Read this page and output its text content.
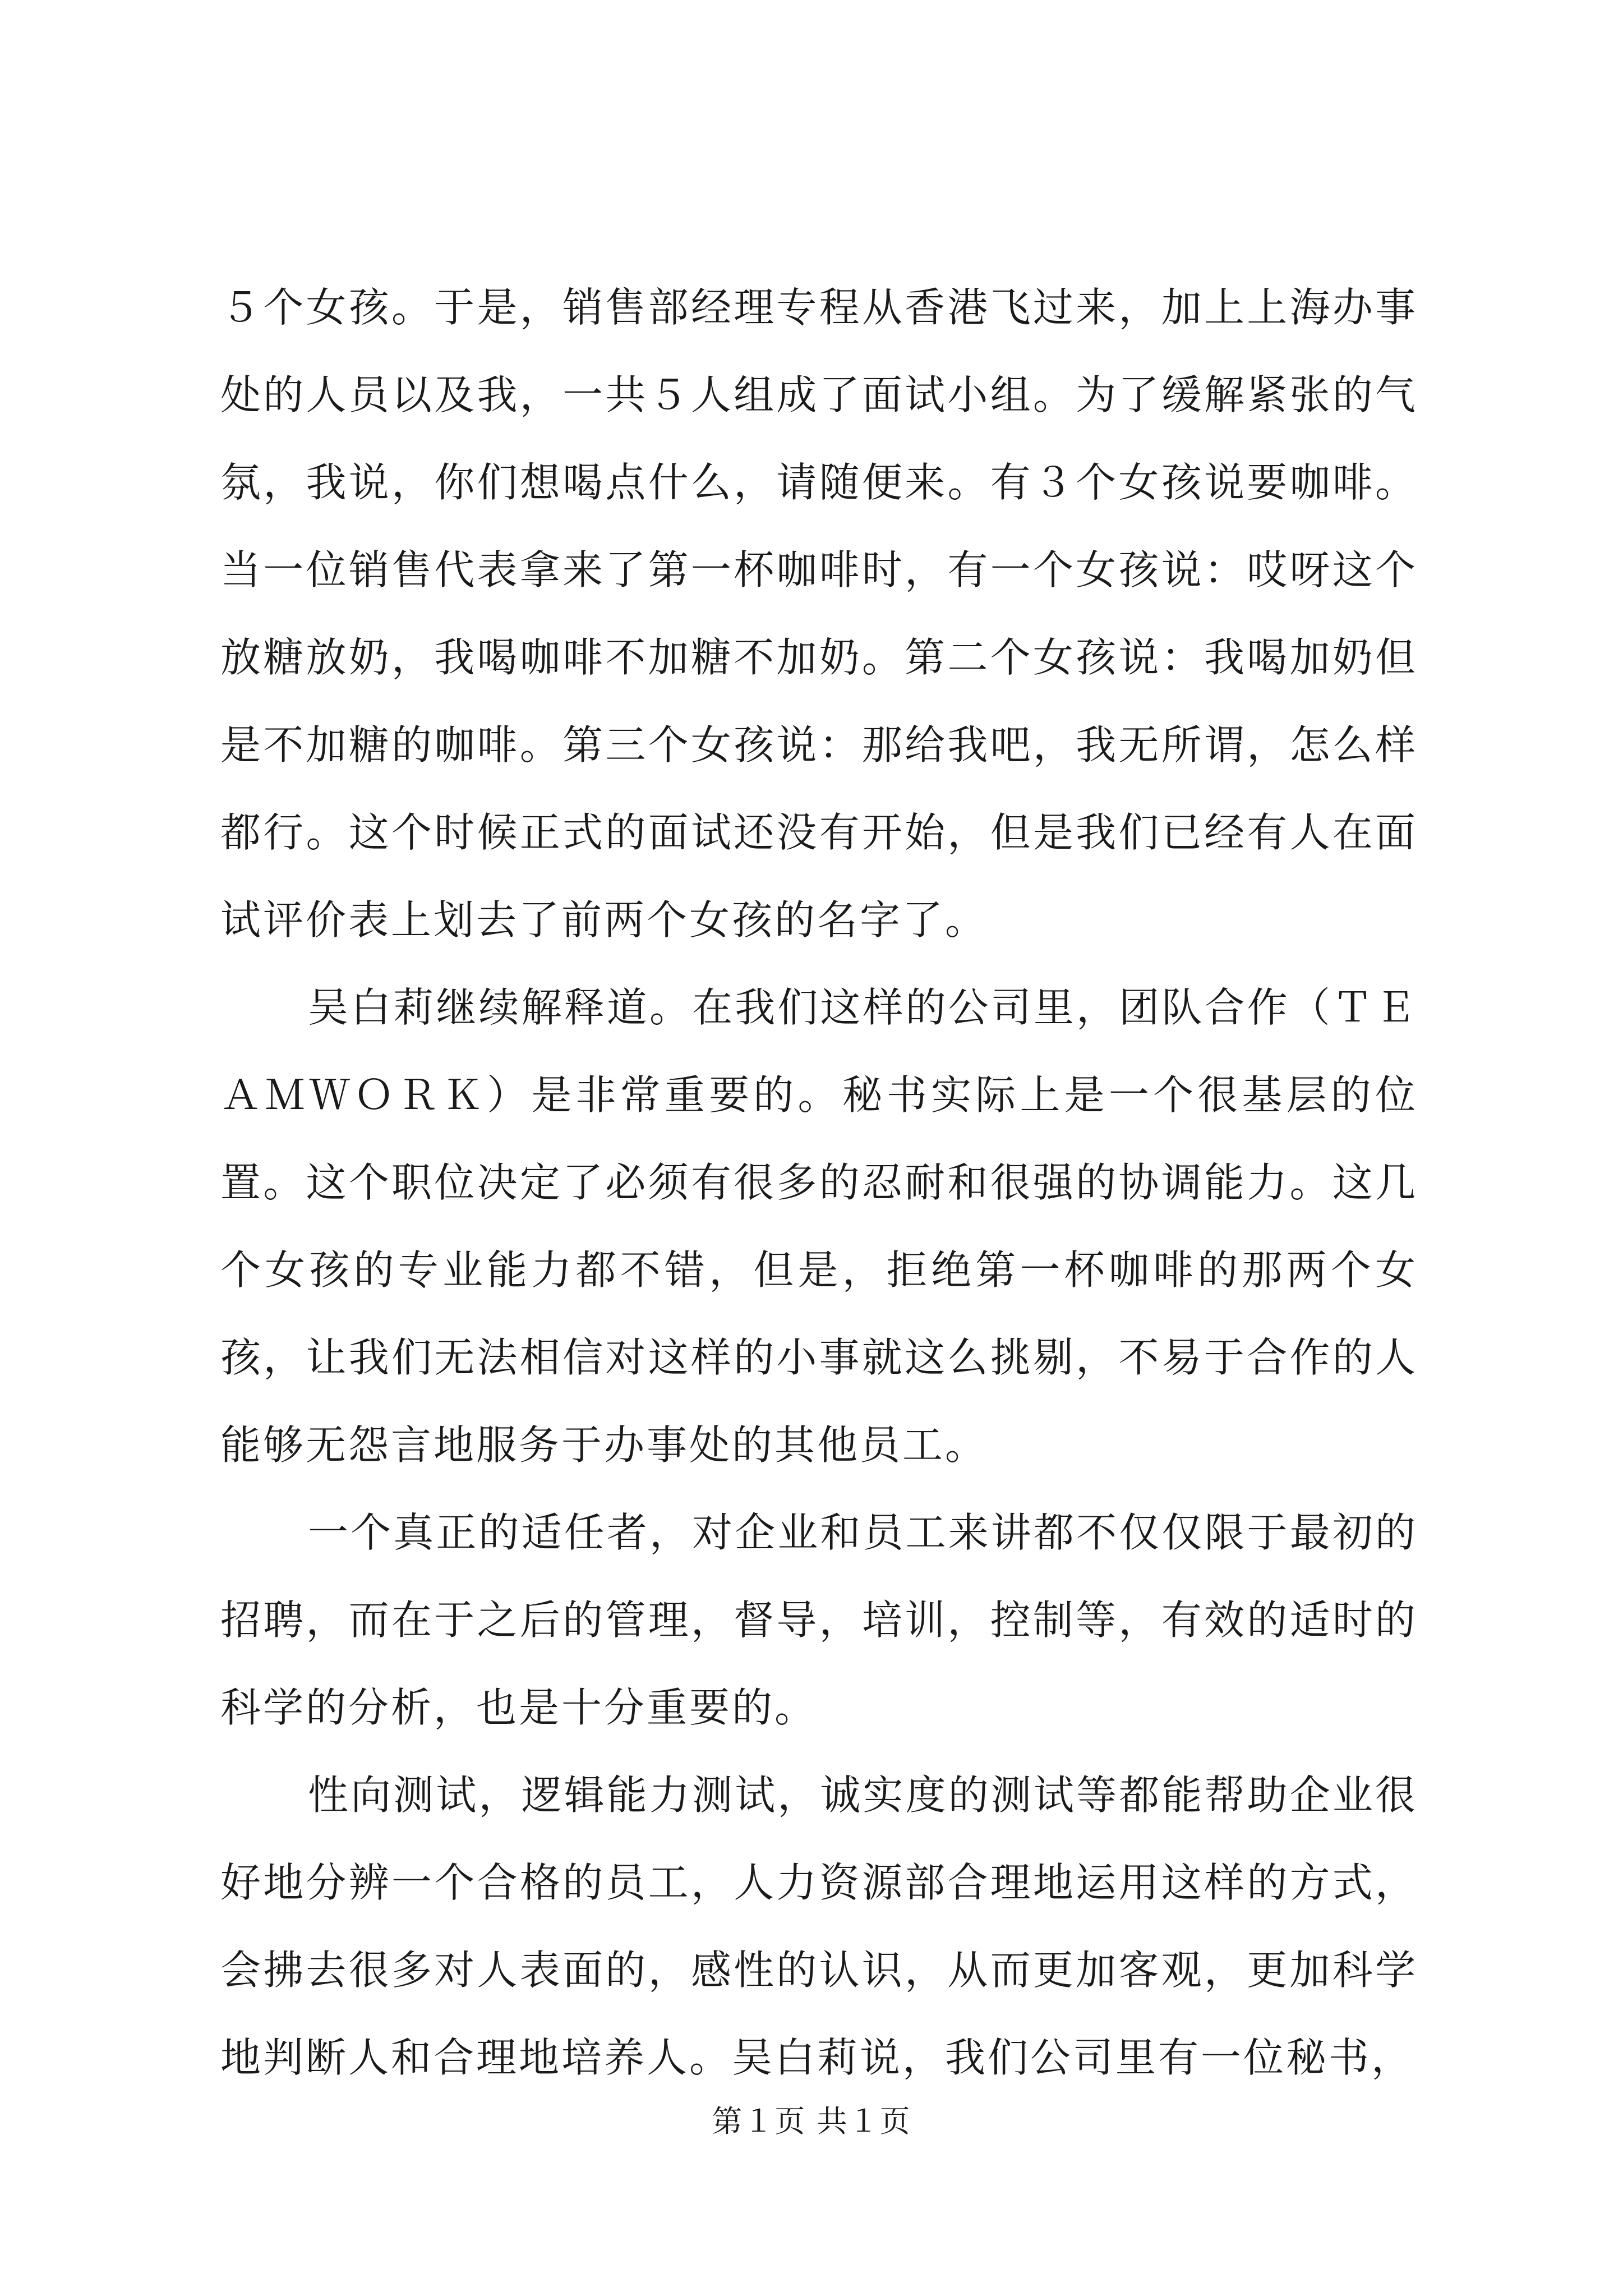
５个女孩。于是，销售部经理专程从香港飞过来，加上上海办事处的人员以及我，一共５人组成了面试小组。为了缓解紧张的气氛，我说，你们想喝点什么，请随便来。有３个女孩说要咖啡。当一位销售代表拿来了第一杯咖啡时，有一个女孩说：哎呀这个放糖放奶，我喝咖啡不加糖不加奶。第二个女孩说：我喝加奶但是不加糖的咖啡。第三个女孩说：那给我吧，我无所谓，怎么样都行。这个时候正式的面试还没有开始，但是我们已经有人在面试评价表上划去了前两个女孩的名字了。

吴白莉继续解释道。在我们这样的公司里，团队合作（ＴＥＡＭＷＯＲＫ）是非常重要的。秘书实际上是一个很基层的位置。这个职位决定了必须有很多的忍耐和很强的协调能力。这几个女孩的专业能力都不错，但是，拒绝第一杯咖啡的那两个女孩，让我们无法相信对这样的小事就这么挑剔，不易于合作的人能够无怨言地服务于办事处的其他员工。

一个真正的适任者，对企业和员工来讲都不仅仅限于最初的招聘，而在于之后的管理，督导，培训，控制等，有效的适时的科学的分析，也是十分重要的。

性向测试，逻辑能力测试，诚实度的测试等都能帮助企业很好地分辨一个合格的员工，人力资源部合理地运用这样的方式，会拂去很多对人表面的，感性的认识，从而更加客观，更加科学地判断人和合理地培养人。吴白莉说，我们公司里有一位秘书，

第１页 共１页
